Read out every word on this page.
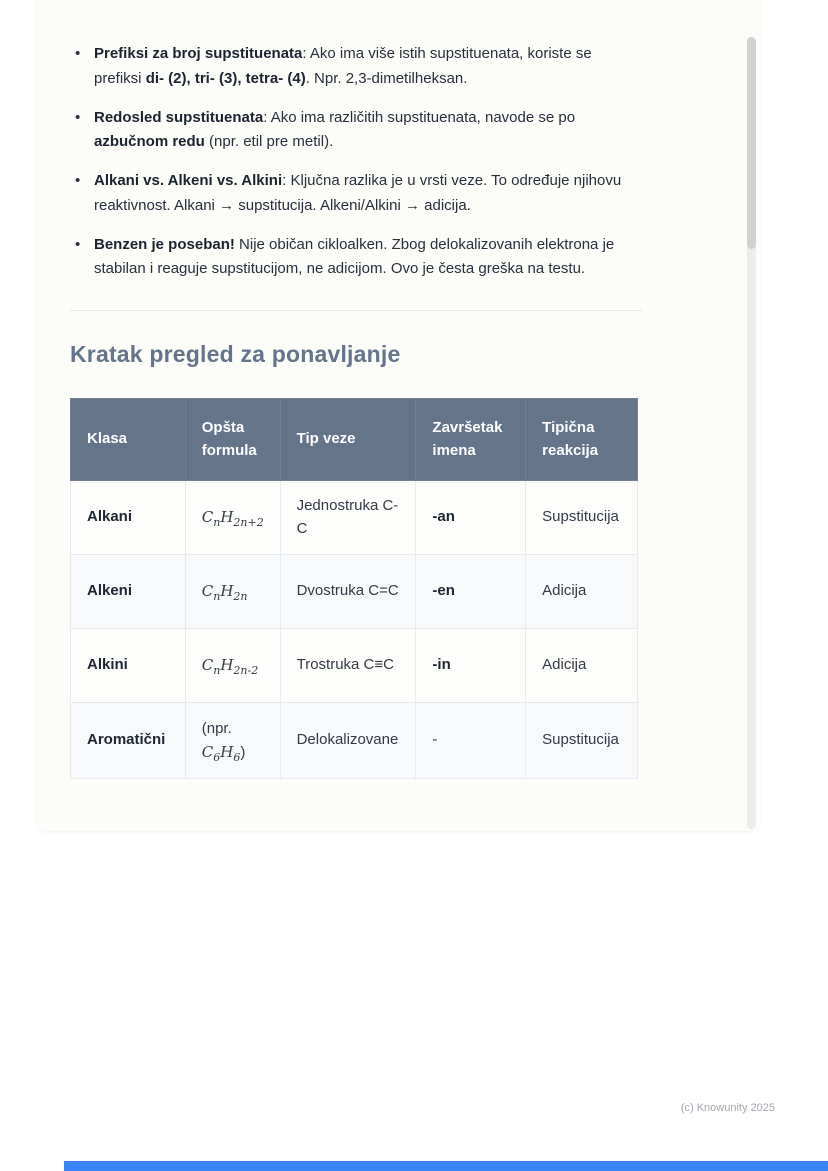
• Prefiksi za broj supstituenata: Ako ima više istih supstituenata, koriste se prefiksi di- (2), tri- (3), tetra- (4). Npr. 2,3-dimetilheksan.
• Redosled supstituenata: Ako ima različitih supstituenata, navode se po azbučnom redu (npr. etil pre metil).
• Alkani vs. Alkeni vs. Alkini: Ključna razlika je u vrsti veze. To određuje njihovu reaktivnost. Alkani → supstitucija. Alkeni/Alkini → adicija.
• Benzen je poseban! Nije običan cikloalken. Zbog delokalizovanih elektrona je stabilan i reaguje supstitucijom, ne adicijom. Ovo je česta greška na testu.
Kratak pregled za ponavljanje
Klasa	Opšta formula	Tip veze	Završetak imena	Tipična reakcija
Alkani	$C_nH_{2n+2}$	Jednostruka C-C	-an	Supstitucija
Alkeni	$C_nH_{2n}$	Dvostruka C=C	-en	Adicija
Alkini	$C_nH_{2n-2}$	Trostruka C≡C	-in	Adicija
Aromatični	(npr. $C_6H_6$)	Delokalizovane	-	Supstitucija
(c) Knowunity 2025
